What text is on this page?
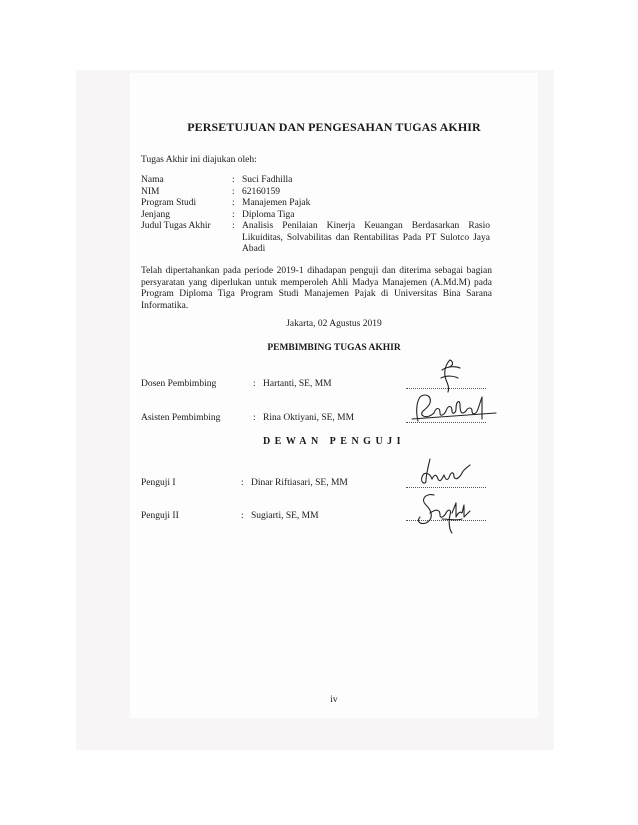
PERSETUJUAN DAN PENGESAHAN TUGAS AKHIR
Tugas Akhir ini diajukan oleh:
Nama	: Suci Fadhilla
NIM	: 62160159
Program Studi	: Manajemen Pajak
Jenjang	: Diploma Tiga
Judul Tugas Akhir	: Analisis Penilaian Kinerja Keuangan Berdasarkan Rasio Likuiditas, Solvabilitas dan Rentabilitas Pada PT Sulotco Jaya Abadi
Telah dipertahankan pada periode 2019-1 dihadapan penguji dan diterima sebagai bagian persyaratan yang diperlukan untuk memperoleh Ahli Madya Manajemen (A.Md.M) pada Program Diploma Tiga Program Studi Manajemen Pajak di Universitas Bina Sarana Informatika.
Jakarta, 02 Agustus 2019
PEMBIMBING TUGAS AKHIR
Dosen Pembimbing	: Hartanti, SE, MM
Asisten Pembimbing	: Rina Oktiyani, SE, MM
DEWAN PENGUJI
Penguji I	: Dinar Riftiasari, SE, MM
Penguji II	: Sugiarti, SE, MM
iv
